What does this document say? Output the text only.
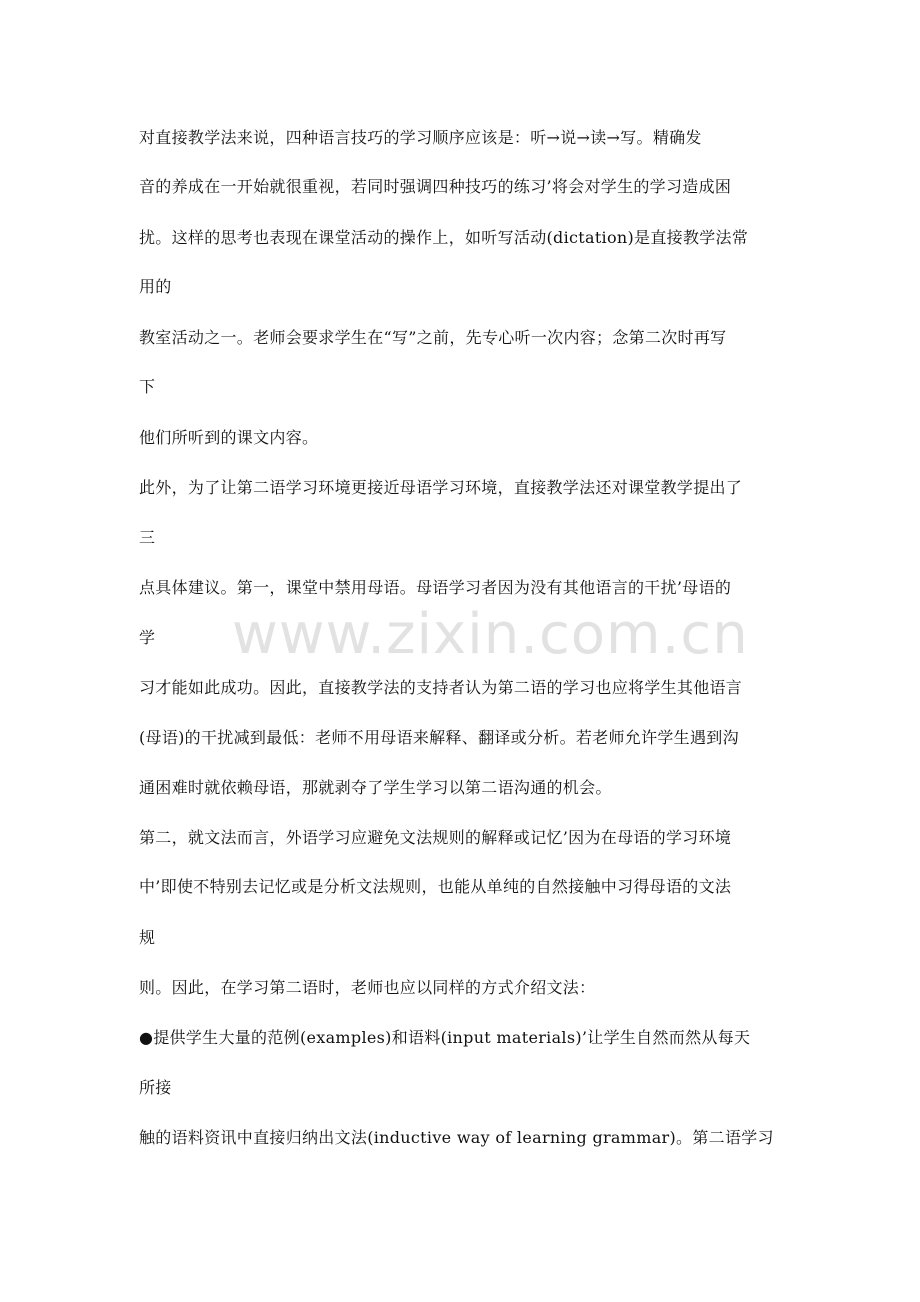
对直接教学法来说，四种语言技巧的学习顺序应该是：听→说→读→写。精确发
音的养成在一开始就很重视，若同时强调四种技巧的练习’将会对学生的学习造成困
扰。这样的思考也表现在课堂活动的操作上，如听写活动(dictation)是直接教学法常
用的
教室活动之一。老师会要求学生在“写”之前，先专心听一次内容；念第二次时再写
下
他们所听到的课文内容。
此外，为了让第二语学习环境更接近母语学习环境，直接教学法还对课堂教学提出了
三
点具体建议。第一，课堂中禁用母语。母语学习者因为没有其他语言的干扰’母语的
学
习才能如此成功。因此，直接教学法的支持者认为第二语的学习也应将学生其他语言
(母语)的干扰减到最低：老师不用母语来解释、翻译或分析。若老师允许学生遇到沟
通困难时就依赖母语，那就剥夺了学生学习以第二语沟通的机会。
第二，就文法而言，外语学习应避免文法规则的解释或记忆’因为在母语的学习环境
中’即使不特别去记忆或是分析文法规则，也能从单纯的自然接触中习得母语的文法
规
则。因此，在学习第二语时，老师也应以同样的方式介绍文法：
●提供学生大量的范例(examples)和语料(input materials)’让学生自然而然从每天
所接
触的语料资讯中直接归纳出文法(inductive way of learning grammar)。第二语学习
www.zixin.com.cn
